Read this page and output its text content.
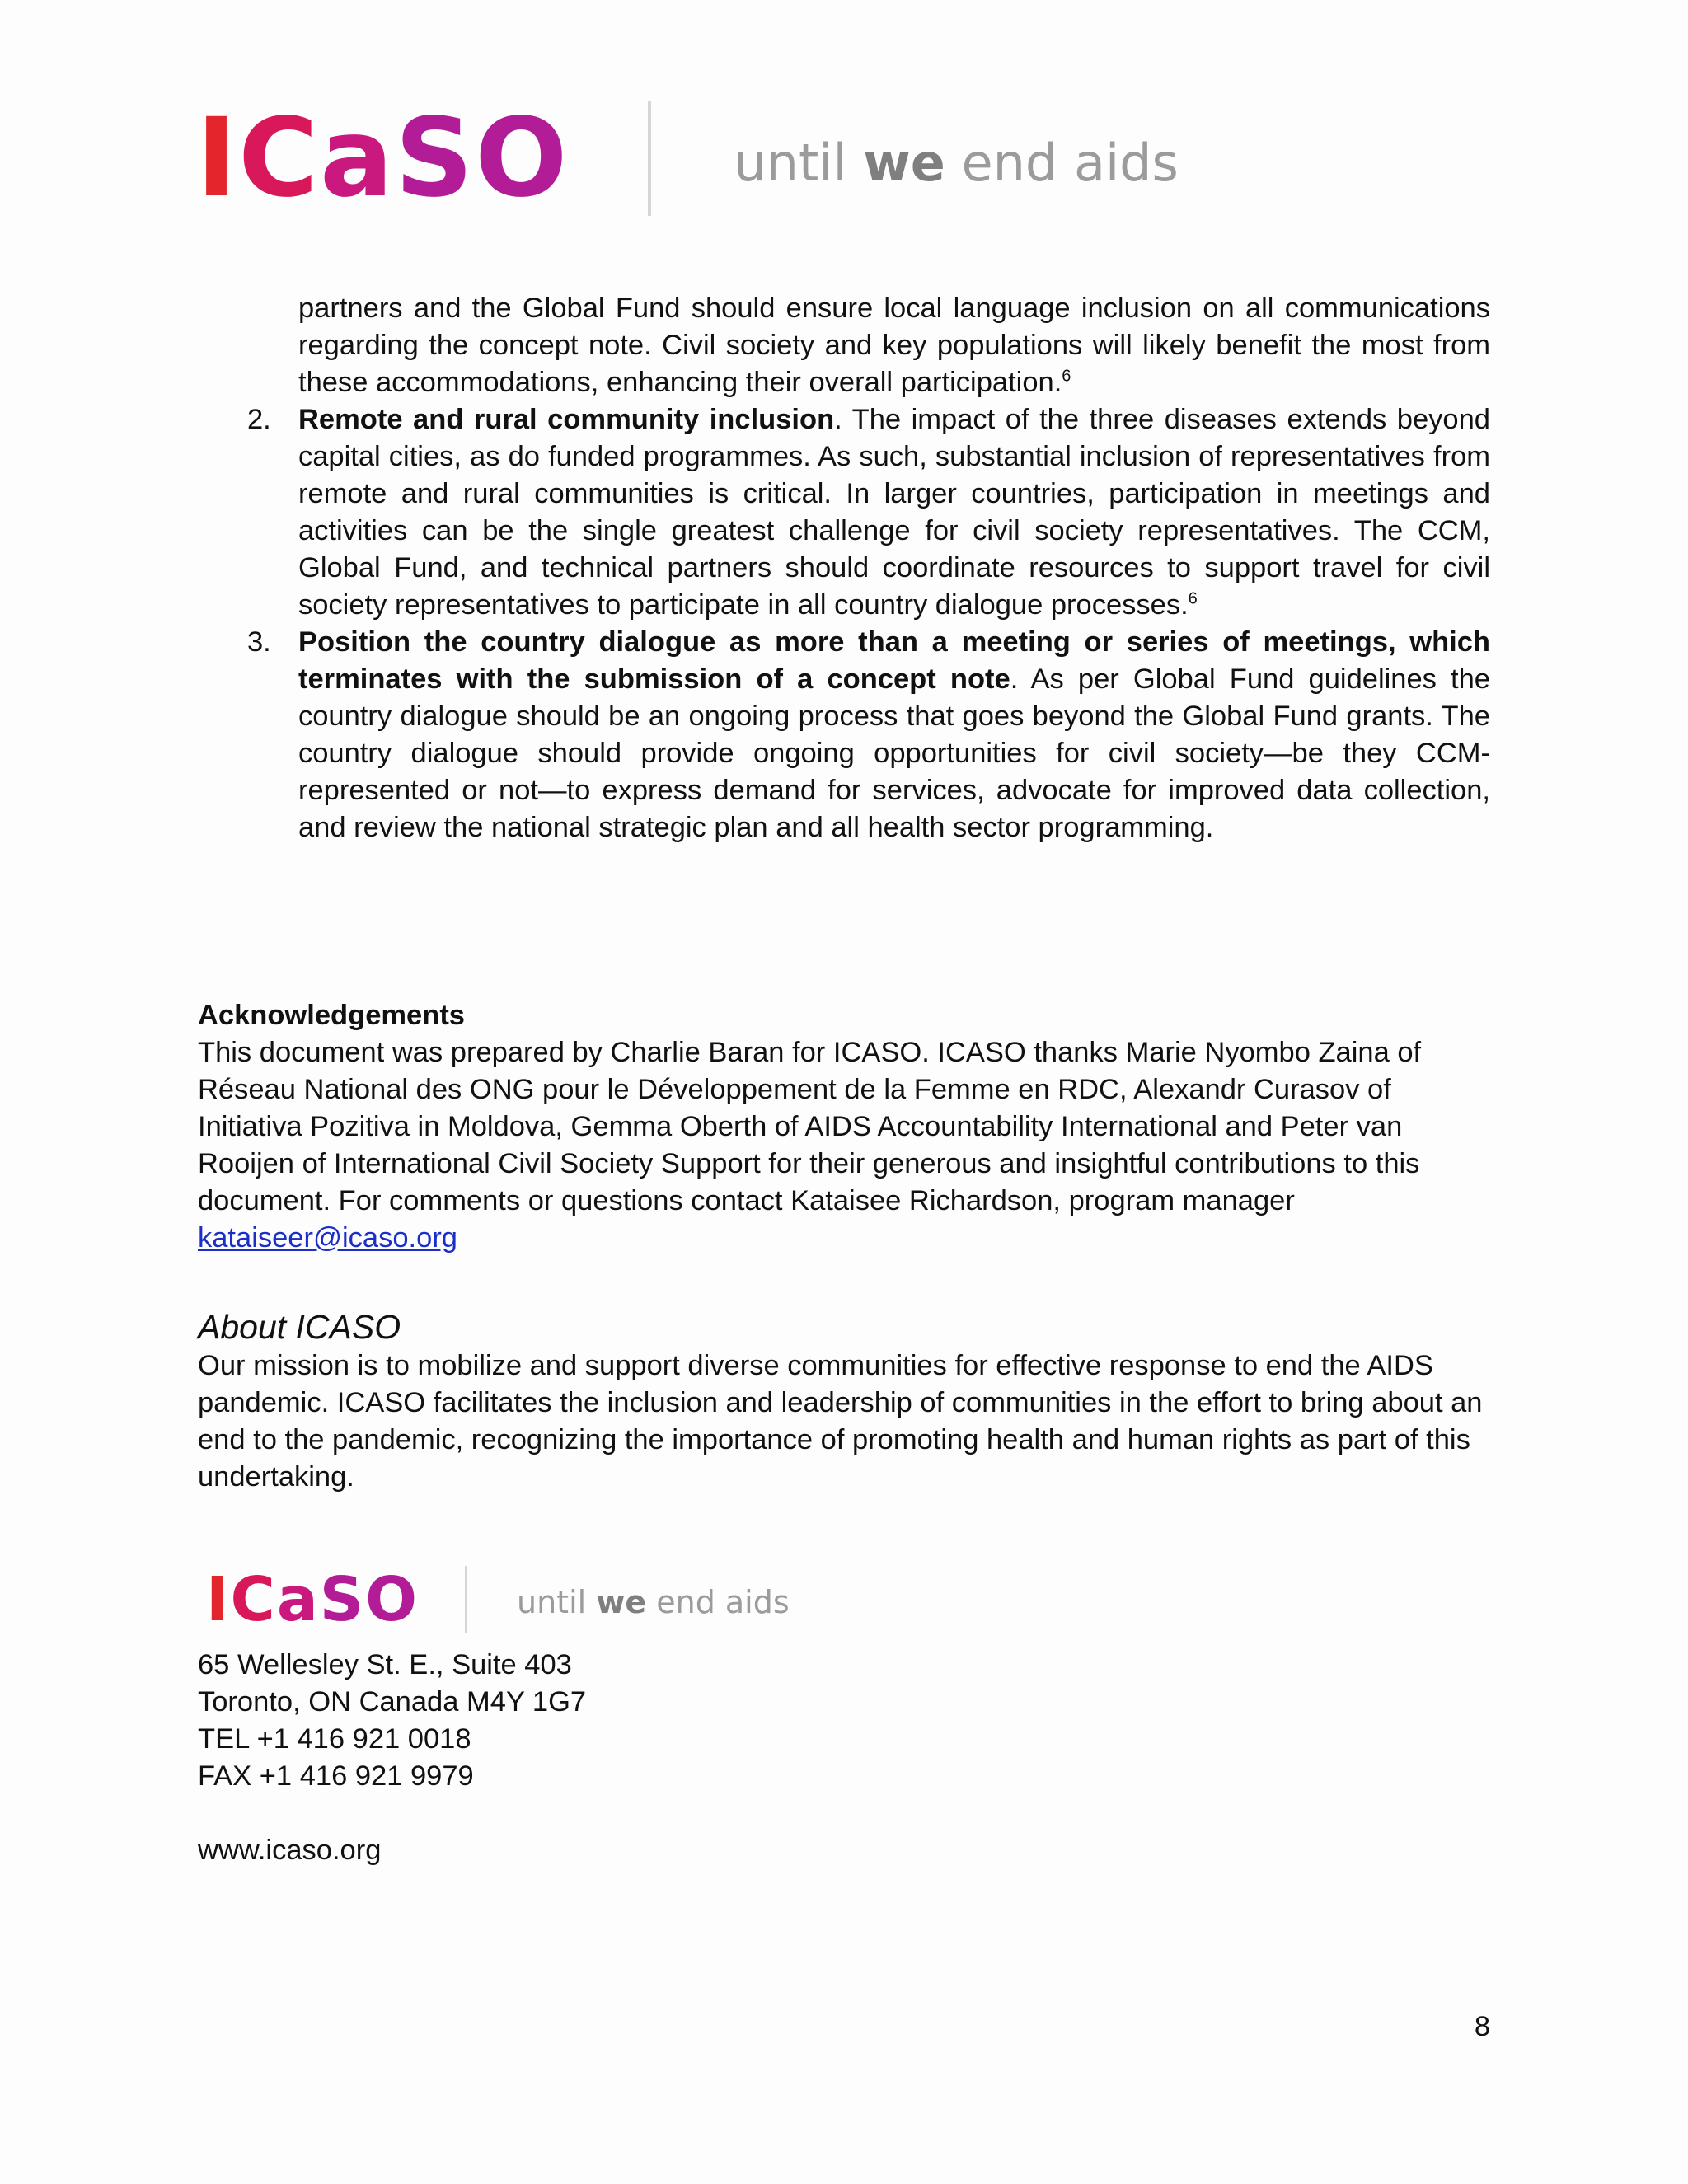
ICaSO	until we end aids
partners and the Global Fund should ensure local language inclusion on all communications regarding the concept note. Civil society and key populations will likely benefit the most from these accommodations, enhancing their overall participation.$^6$
2. Remote and rural community inclusion. The impact of the three diseases extends beyond capital cities, as do funded programmes. As such, substantial inclusion of representatives from remote and rural communities is critical. In larger countries, participation in meetings and activities can be the single greatest challenge for civil society representatives. The CCM, Global Fund, and technical partners should coordinate resources to support travel for civil society representatives to participate in all country dialogue processes.$^6$
3. Position the country dialogue as more than a meeting or series of meetings, which terminates with the submission of a concept note. As per Global Fund guidelines the country dialogue should be an ongoing process that goes beyond the Global Fund grants. The country dialogue should provide ongoing opportunities for civil society—be they CCM-represented or not—to express demand for services, advocate for improved data collection, and review the national strategic plan and all health sector programming.
Acknowledgements
This document was prepared by Charlie Baran for ICASO. ICASO thanks Marie Nyombo Zaina of Réseau National des ONG pour le Développement de la Femme en RDC, Alexandr Curasov of Initiativa Pozitiva in Moldova, Gemma Oberth of AIDS Accountability International and Peter van Rooijen of International Civil Society Support for their generous and insightful contributions to this document. For comments or questions contact Kataisee Richardson, program manager kataiseer@icaso.org
About ICASO
Our mission is to mobilize and support diverse communities for effective response to end the AIDS pandemic. ICASO facilitates the inclusion and leadership of communities in the effort to bring about an end to the pandemic, recognizing the importance of promoting health and human rights as part of this undertaking.
ICaSO	until we end aids
65 Wellesley St. E., Suite 403
Toronto, ON Canada M4Y 1G7
TEL +1 416 921 0018
FAX +1 416 921 9979
www.icaso.org
8
